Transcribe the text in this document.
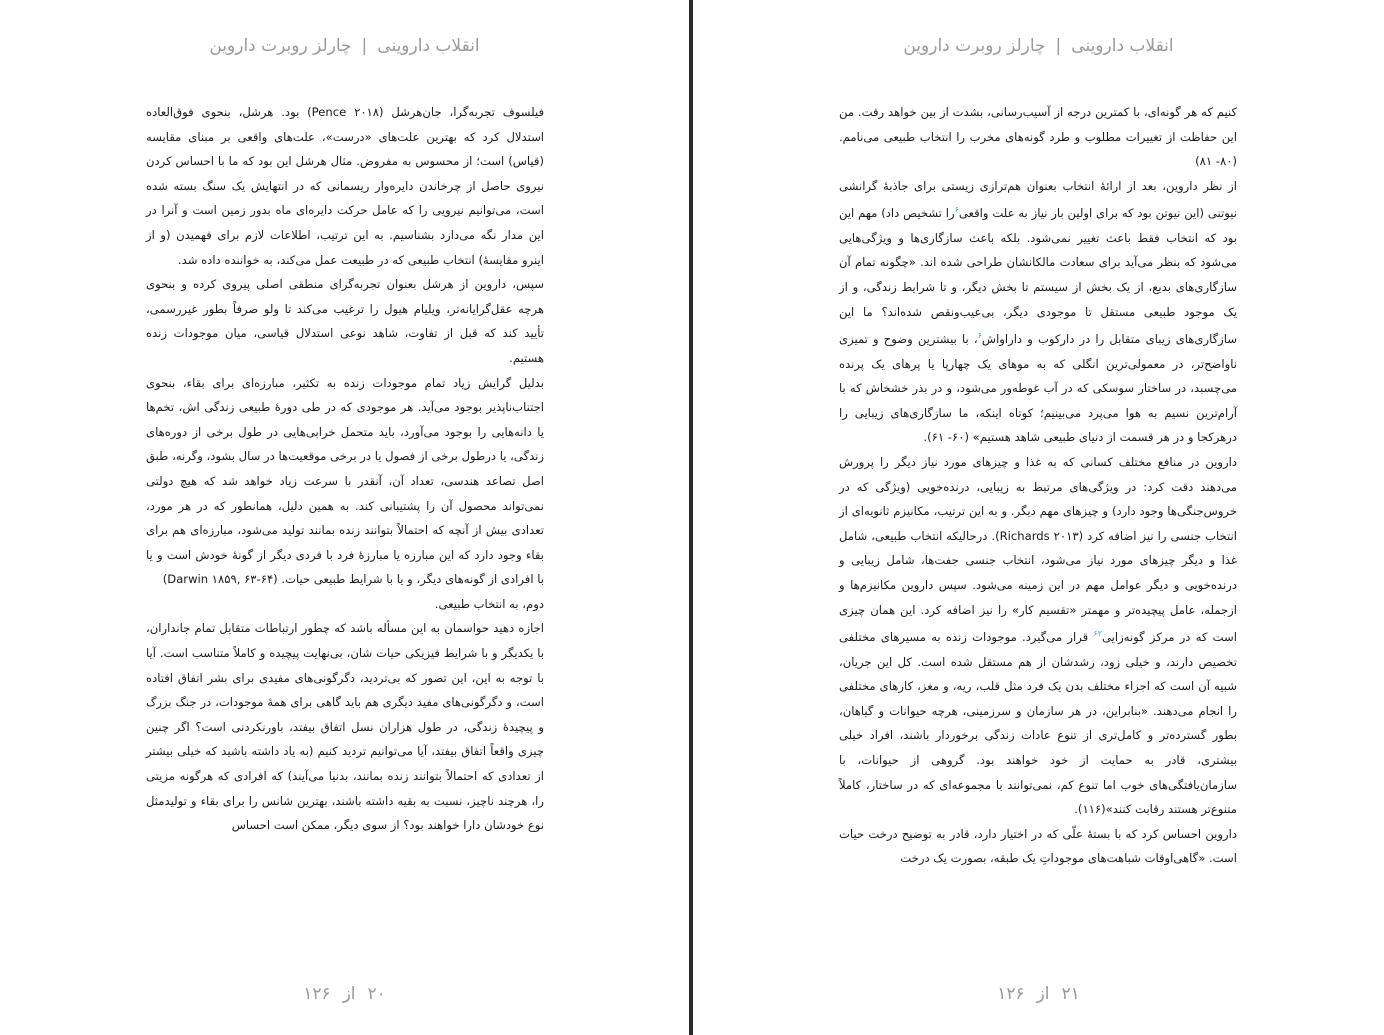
انقلاب دارو‌ینی|چارلز رو‌برت دارو‌ین

فیلسوف تجربه‌گرا، جان‌هرشل (Pence ۲۰۱۸) بود. هرشل، بنحوی فوق‌العاده استدلال کرد که بهترین علت‌های «درست»، علت‌های واقعی بر مبنای مقایسه (قیاس) است؛ از محسوس به مفروض. مثال هرشل این بود که ما با احساس کردن نیروی حاصل از چرخاندن دایره‌وار ریسمانی که در انتهایش یک سنگ بسته شده است، می‌توانیم نیرویی را که عامل حرکت دایره‌ای ماه بدور زمین است و آنرا در این مدار نگه می‌دارد بشناسیم. به این ترتیب، اطلاعات لازم برای فهمیدن (و از اینرو مقایسهٔ) انتخاب طبیعی که در طبیعت عمل می‌کند، به خواننده داده شد.

سپس، دارو‌ین از هرشل بعنوان تجربه‌گرای منطقی اصلی پیروی کرده و بنحوی هرچه عقل‌گرایانه‌تر، ویلیام هیول را ترغیب می‌کند تا ولو صرفاً بطور غیررسمی، تأیید کند که قبل از تفاوت، شاهد نوعی استدلال قیاسی، میان موجودات زنده هستیم.

بدلیل گرایش زیاد تمام موجودات زنده به تکثیر، مبارزه‌ای برای بقاء، بنحوی اجتناب‌ناپذیر بوجود می‌آید. هر موجودی که در طی دورهٔ طبیعی زندگی اش، تخم‌ها یا دانه‌هایی را بوجود می‌آورد، باید متحمل خرابی‌هایی در طول برخی از دوره‌های زندگی، یا درطول برخی از فصول یا در برخی موقعیت‌ها در سال بشود، وگرنه، طبق اصل تصاعد هندسی، تعداد آن، آنقدر با سرعت زیاد خواهد شد که هیچ دولتی نمی‌تواند محصول آن را پشتیبانی کند. به همین دلیل، همانطور که در هر مورد، تعدادی بیش از آنچه که احتمالاً بتوانند زنده بمانند تولید می‌شود، مبارزه‌ای هم برای بقاء وجود دارد که این مبارزه یا مبارزهٔ فرد با فردی دیگر از گونهٔ خودش است و یا با افرادی از گونه‌های دیگر، و یا با شرایط طبیعی حیات. (Darwin ۱۸۵۹, ۶۳-۶۴)

دوم، به انتخاب طبیعی.

اجازه دهید حواسمان به این مسأله باشد که چطور ارتباطات متقابل تمام جانداران، با یکدیگر و با شرایط فیزیکی حیات شان، بی‌نهایت پیچیده و کاملاً متناسب است. آیا با توجه به این، این تصور که بی‌تردید، دگرگونی‌های مفیدی برای بشر اتفاق افتاده است، و دگرگونی‌های مفید دیگری هم باید گاهی برای همهٔ موجودات، در جنگ بزرگ و پیچیدهٔ زندگی، در طول هزاران نسل اتفاق بیفتد، باورنکردنی است؟ اگر چنین چیزی واقعاً اتفاق بیفتد، آیا می‌توانیم تردید کنیم (به یاد داشته باشید که خیلی بیشتر از تعدادی که احتمالاً بتوانند زنده بمانند، بدنیا می‌آیند) که افرادی که هرگونه مزیتی را، هرچند ناچیز، نسبت به بقیه داشته باشند، بهترین شانس را برای بقاء و تولیدمثل نوع خودشان دارا خواهند بود؟ از سوی دیگر، ممکن است احساس

۲۰از۱۲۶
انقلاب دارو‌ینی|چارلز رو‌برت دارو‌ین

کنیم که هر گونه‌ای، با کمترین درجه از آسیب‌رسانی، بشدت از بین خواهد رفت. من این حفاظت از تغییرات مطلوب و طرد گونه‌های مخرب را انتخاب طبیعی می‌نامم. (۸۰- ۸۱)

از نظر دارو‌ین، بعد از ارائهٔ انتخاب بعنوان هم‌ترازی زیستی برای جاذبهٔ گرانشی نیوتنی (این نیوتن بود که برای اولین بار نیاز به علت واقعی$^۶$را تشخیص داد) مهم این بود که انتخاب فقط باعث تغییر نمی‌شود. بلکه باعث سازگاری‌ها و ویژگی‌هایی می‌شود که بنظر می‌آید برای سعادت مالکانشان طراحی شده اند. «چگونه تمام آن سازگاری‌های بدیع، از یک بخش از سیستم تا بخش دیگر، و تا شرایط زندگی، و از یک موجود طبیعی مستقل تا موجودی دیگر، بی‌عیب‌ونقص شده‌اند؟ ما این سازگاری‌های زیبای متقابل را در دارکوب و داراواش$^۶$، با بیشترین وضوح و تمیزی ناواضح‌تر، در معمولی‌ترین انگلی که به موهای یک چهارپا یا پرهای یک پرنده می‌چسبد، در ساختار سوسکی که در آب غوطه‌ور می‌شود، و در بذر خشخاش که با آرام‌ترین نسیم به هوا می‌پرد می‌بینیم؛ کوتاه اینکه، ما سازگاری‌های زیبایی را درهرکجا و در هر قسمت از دنیای طبیعی شاهد هستیم» (۶۰- ۶۱).

دارو‌ین در منافع مختلف کسانی که به غذا و چیزهای مورد نیاز دیگر را پرورش می‌دهند دقت کرد: در ویژگی‌های مرتبط به زیبایی، درنده‌خویی (ویژگی که در خروس‌جنگی‌ها وجود دارد) و چیزهای مهم دیگر. و به این ترتیب، مکانیزم ثانویه‌ای از انتخاب جنسی را نیز اضافه کرد (Richards ۲۰۱۳). درحالیکه انتخاب طبیعی، شامل غذا و دیگر چیزهای مورد نیاز می‌شود، انتخاب جنسی جفت‌ها، شامل زیبایی و درنده‌خویی و دیگر عوامل مهم در این زمینه می‌شود. سپس دارو‌ین مکانیزم‌ها و ازجمله، عامل پیچیده‌تر و مهمتر «تقسیم کار» را نیز اضافه کرد. این همان چیزی است که در مرکز گونه‌زایی$^{۶۲}$ قرار می‌گیرد. موجودات زنده به مسیرهای مختلفی تخصیص دارند، و خیلی زود، رشدشان از هم مستقل شده است. کل این جریان، شبیه آن است که اجزاء مختلف بدن یک فرد مثل قلب، ریه، و مغز، کارهای مختلفی را انجام می‌دهند. «بنابراین، در هر سازمان و سرزمینی، هرچه حیوانات و گیاهان، بطور گسترده‌تر و کامل‌تری از تنوع عادات زندگی برخوردار باشند، افراد خیلی بیشتری، قادر به حمایت از خود خواهند بود. گروهی از حیوانات، با سازمان‌یافتگی‌های خوب اما تنوع کم، نمی‌توانند با مجموعه‌ای که در ساختار، کاملاً متنوع‌تر هستند رقابت کنند»(۱۱۶).

دارو‌ین احساس کرد که با بستهٔ علّی که در اختیار دارد، قادر به توضیح درخت حیات است. «گاهی‌اوقات شباهت‌های موجوداتِ یک طبقه، بصورت یک درخت

۲۱از۱۲۶
